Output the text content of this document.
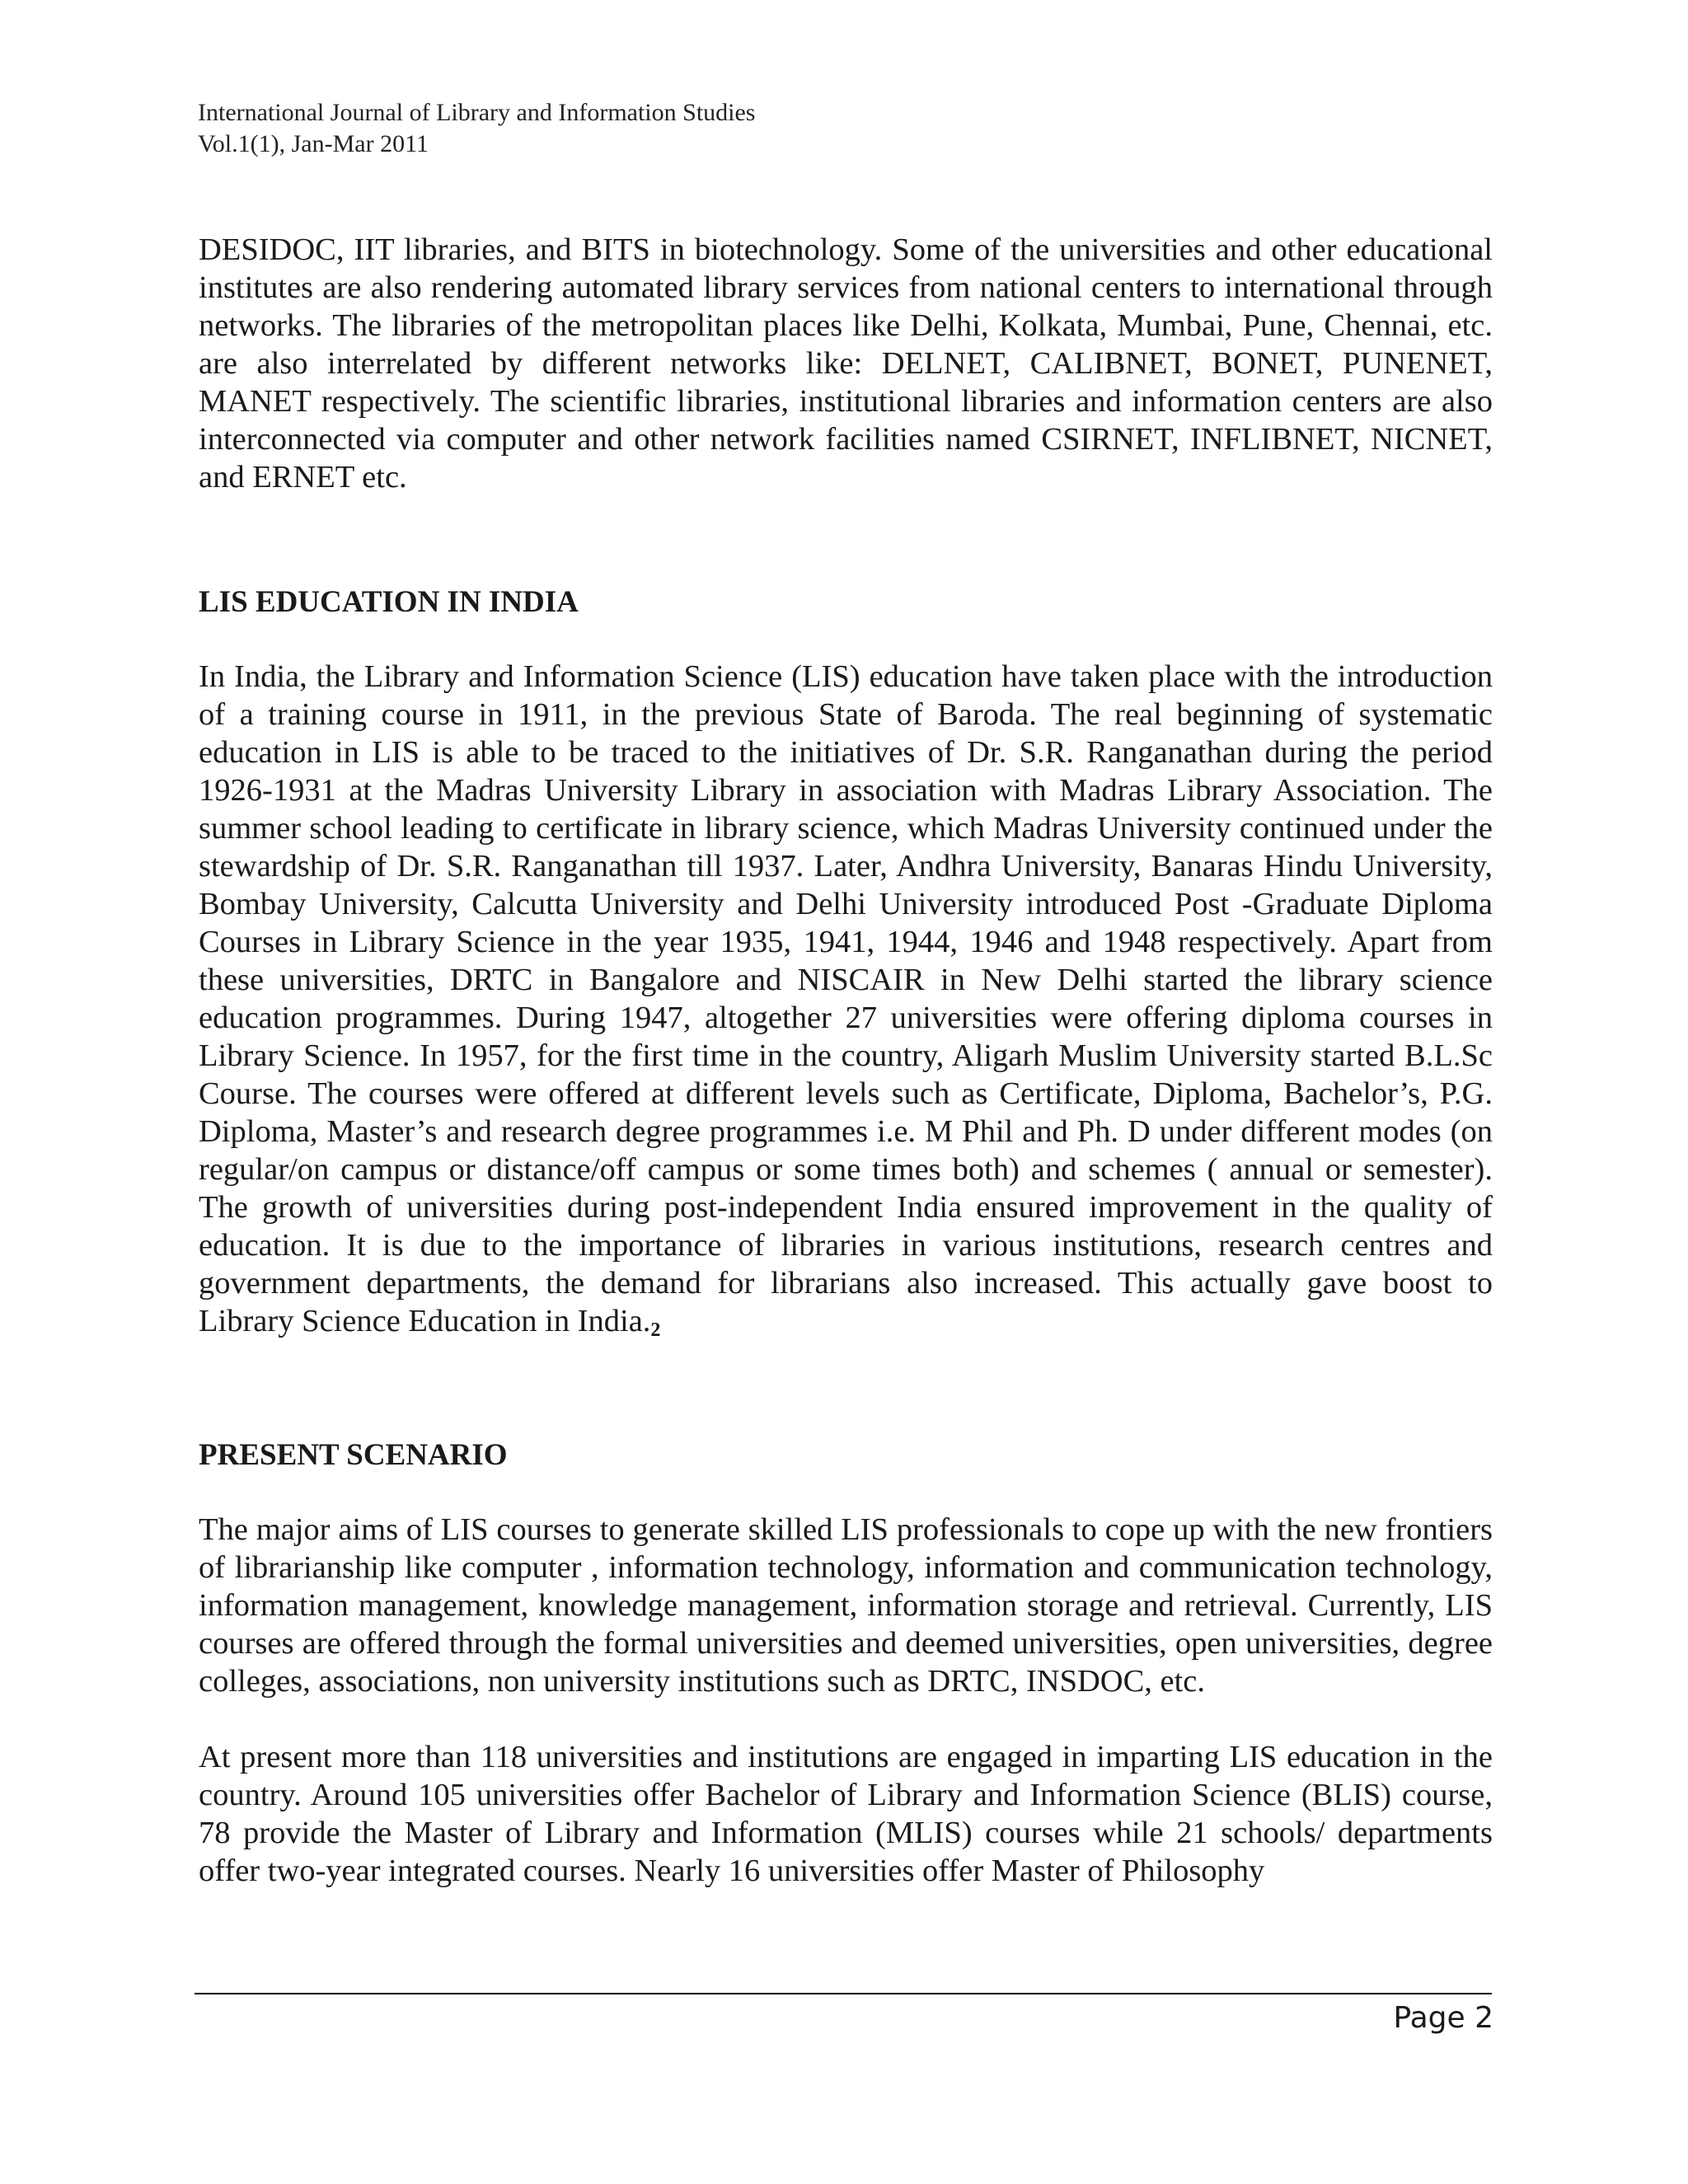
International Journal of Library and Information Studies
Vol.1(1), Jan-Mar 2011

DESIDOC, IIT libraries, and BITS in biotechnology. Some of the universities and other educational institutes are also rendering automated library services from national centers to international through networks. The libraries of the metropolitan places like Delhi, Kolkata, Mumbai, Pune, Chennai, etc. are also interrelated by different networks like: DELNET, CALIBNET, BONET, PUNENET, MANET respectively. The scientific libraries, institutional libraries and information centers are also interconnected via computer and other network facilities named CSIRNET, INFLIBNET, NICNET, and ERNET etc.

LIS EDUCATION IN INDIA

In India, the Library and Information Science (LIS) education have taken place with the introduction of a training course in 1911, in the previous State of Baroda. The real beginning of systematic education in LIS is able to be traced to the initiatives of Dr. S.R. Ranganathan during the period 1926-1931 at the Madras University Library in association with Madras Library Association. The summer school leading to certificate in library science, which Madras University continued under the stewardship of Dr. S.R. Ranganathan till 1937. Later, Andhra University, Banaras Hindu University, Bombay University, Calcutta University and Delhi University introduced Post -Graduate Diploma Courses in Library Science in the year 1935, 1941, 1944, 1946 and 1948 respectively. Apart from these universities, DRTC in Bangalore and NISCAIR in New Delhi started the library science education programmes. During 1947, altogether 27 universities were offering diploma courses in Library Science. In 1957, for the first time in the country, Aligarh Muslim University started B.L.Sc Course. The courses were offered at different levels such as Certificate, Diploma, Bachelor’s, P.G. Diploma, Master’s and research degree programmes i.e. M Phil and Ph. D under different modes (on regular/on campus or distance/off campus or some times both) and schemes ( annual or semester). The growth of universities during post-independent India ensured improvement in the quality of education. It is due to the importance of libraries in various institutions, research centres and government departments, the demand for librarians also increased. This actually gave boost to Library Science Education in $India._2$

PRESENT SCENARIO

The major aims of LIS courses to generate skilled LIS professionals to cope up with the new frontiers of librarianship like computer , information technology, information and communication technology, information management, knowledge management, information storage and retrieval. Currently, LIS courses are offered through the formal universities and deemed universities, open universities, degree colleges, associations, non university institutions such as DRTC, INSDOC, etc.

At present more than 118 universities and institutions are engaged in imparting LIS education in the country. Around 105 universities offer Bachelor of Library and Information Science (BLIS) course, 78 provide the Master of Library and Information (MLIS) courses while 21 schools/ departments offer two-year integrated courses. Nearly 16 universities offer Master of Philosophy

Page 2
